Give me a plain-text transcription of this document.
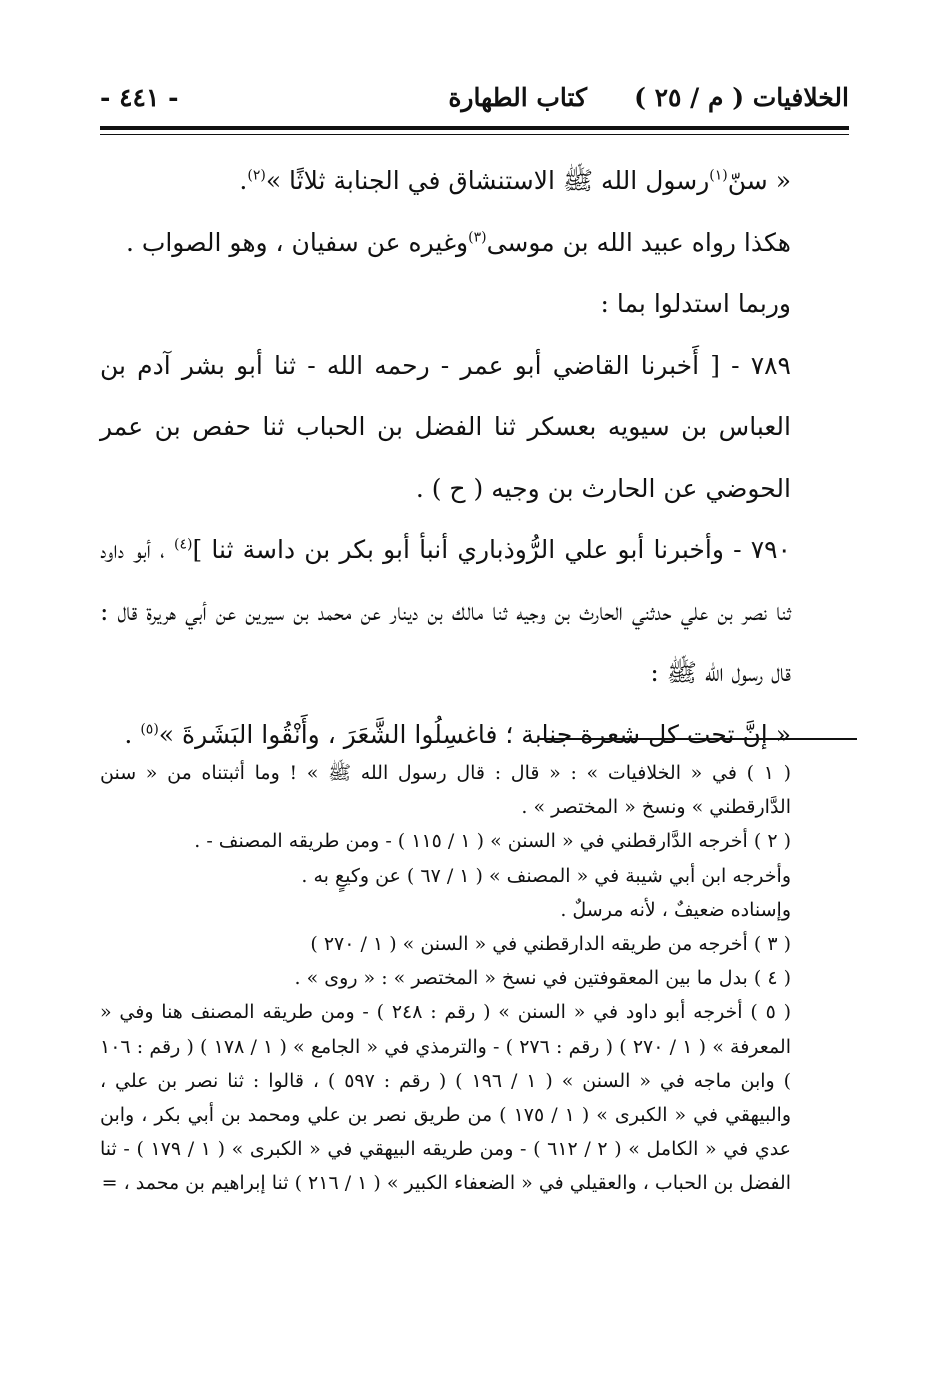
الخلافيات ( م / ٢٥ )
كتاب الطهارة
- ٤٤١ -

« سنّ$^{(١)}$رسول الله ﷺ الاستنشاق في الجنابة ثلاثًا »$^{(٢)}$.

هكذا رواه عبيد الله بن موسى$^{(٣)}$وغيره عن سفيان ، وهو الصواب .

وربما استدلوا بما :

٧٨٩ - [ أَخبرنا القاضي أبو عمر - رحمه الله - ثنا أبو بشر آدم بن العباس بن سيويه بعسكر ثنا الفضل بن الحباب ثنا حفص بن عمر الحوضي عن الحارث بن وجيه ( ح ) .

٧٩٠ - وأخبرنا أبو علي الرُّوذباري أنبأ أبو بكر بن داسة ثنا ]$^{(٤)}$ ، أبو داود ثنا نصر بن علي حدثني الحارث بن وجيه ثنا مالك بن دينار عن محمد بن سيرين عن أبي هريرة قال : قال رسول الله ﷺ :

« إنَّ تحت كل شعرة جنابة ؛ فاغسِلُوا الشَّعَرَ ، وأَنْقُوا البَشَرةَ »$^{(٥)}$ .

( ١ ) في « الخلافيات » : « قال : قال رسول الله ﷺ » ! وما أثبتناه من « سنن الدَّارقطني » ونسخ « المختصر » .

( ٢ ) أخرجه الدَّارقطني في « السنن » ( ١ / ١١٥ ) - ومن طريقه المصنف - .

وأخرجه ابن أبي شيبة في « المصنف » ( ١ / ٦٧ ) عن وكيعٍ به .

وإسناده ضعيفٌ ، لأنه مرسلٌ .

( ٣ ) أخرجه من طريقه الدارقطني في « السنن » ( ١ / ٢٧٠ )

( ٤ ) بدل ما بين المعقوفتين في نسخ « المختصر » : « روى » .

( ٥ ) أخرجه أبو داود في « السنن » ( رقم : ٢٤٨ ) - ومن طريقه المصنف هنا وفي « المعرفة » ( ١ / ٢٧٠ ) ( رقم : ٢٧٦ ) - والترمذي في « الجامع » ( ١ / ١٧٨ ) ( رقم : ١٠٦ ) وابن ماجه في « السنن » ( ١ / ١٩٦ ) ( رقم : ٥٩٧ ) ، قالوا : ثنا نصر بن علي ، والبيهقي في « الكبرى » ( ١ / ١٧٥ ) من طريق نصر بن علي ومحمد بن أبي بكر ، وابن عدي في « الكامل » ( ٢ / ٦١٢ ) - ومن طريقه البيهقي في « الكبرى » ( ١ / ١٧٩ ) - ثنا الفضل بن الحباب ، والعقيلي في « الضعفاء الكبير » ( ١ / ٢١٦ ) ثنا إبراهيم بن محمد ، =
